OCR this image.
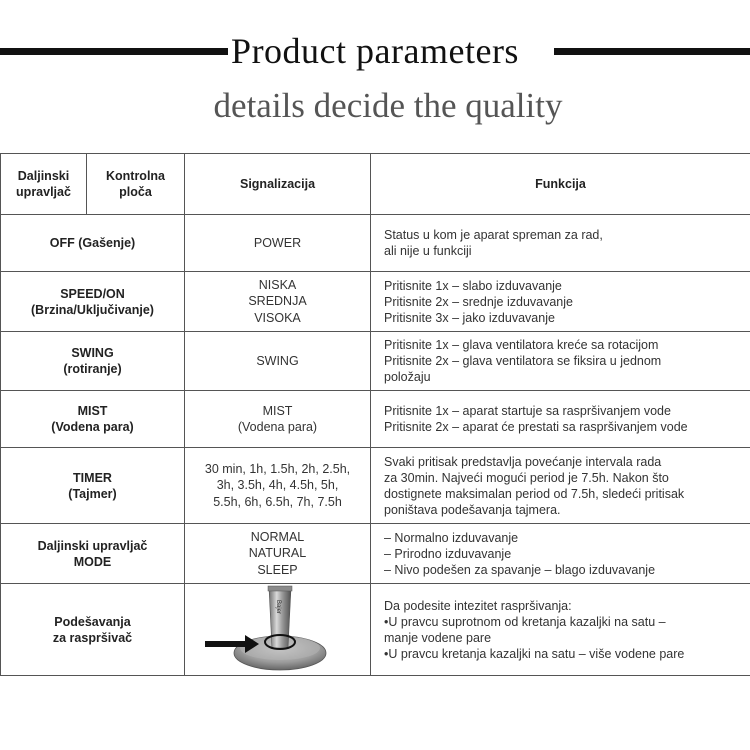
Product parameters
details decide the quality
Daljinski
upravljač	Kontrolna
ploča	Signalizacija	Funkcija

OFF (Gašenje)		POWER	Status u kom je aparat spreman za rad,
ali nije u funkciji

SPEED/ON
(Brzina/Uključivanje)		NISKA
SREDNJA
VISOKA	Pritisnite 1x – slabo izduvavanje
Pritisnite 2x – srednje izduvavanje
Pritisnite 3x – jako izduvavanje

SWING
(rotiranje)		SWING	Pritisnite 1x – glava ventilatora kreće sa rotacijom
Pritisnite 2x – glava ventilatora se fiksira u jednom
položaju

MIST
(Vodena para)		MIST
(Vodena para)	Pritisnite 1x – aparat startuje sa raspršivanjem vode
Pritisnite 2x – aparat će prestati sa raspršivanjem vode

TIMER
(Tajmer)		30 min, 1h, 1.5h, 2h, 2.5h,
3h, 3.5h, 4h, 4.5h, 5h,
5.5h, 6h, 6.5h, 7h, 7.5h	Svaki pritisak predstavlja povećanje intervala rada
za 30min. Najveći mogući period je 7.5h. Nakon što
dostignete maksimalan period od 7.5h, sledeći pritisak
poništava podešavanja tajmera.

Daljinski upravljač
MODE		NORMAL
NATURAL
SLEEP	– Normalno izduvavanje
– Prirodno izduvavanje
– Nivo podešen za spavanje – blago izduvavanje

Podešavanja
za raspršivač		Bajer	Da podesite intezitet raspršivanja:
•U pravcu suprotnom od kretanja kazaljki na satu –
manje vodene pare
•U pravcu kretanja kazaljki na satu – više vodene pare
